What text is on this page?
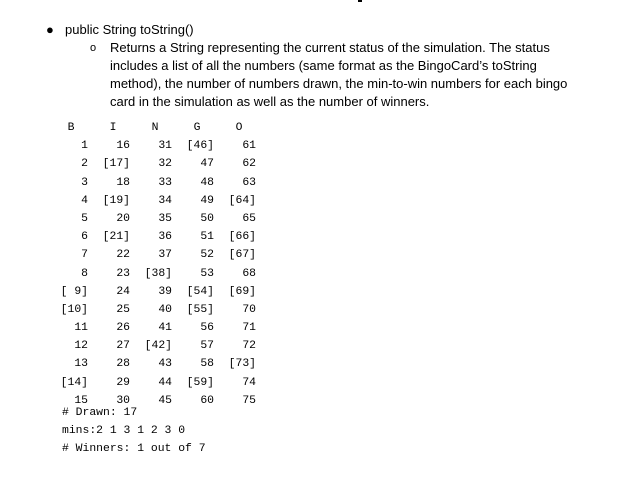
● public String toString()
o Returns a String representing the current status of the simulation. The status
includes a list of all the numbers (same format as the BingoCard’s toString
method), the number of numbers drawn, the min-to-win numbers for each bingo
card in the simulation as well as the number of winners.
B	I	N	G	O
1	16	31	[46]	61
2	[17]	32	47	62
3	18	33	48	63
4	[19]	34	49	[64]
5	20	35	50	65
6	[21]	36	51	[66]
7	22	37	52	[67]
8	23	[38]	53	68
[ 9]	24	39	[54]	[69]
[10]	25	40	[55]	70
11	26	41	56	71
12	27	[42]	57	72
13	28	43	58	[73]
[14]	29	44	[59]	74
15	30	45	60	75
# Drawn: 17
mins:2 1 3 1 2 3 0
# Winners: 1 out of 7
